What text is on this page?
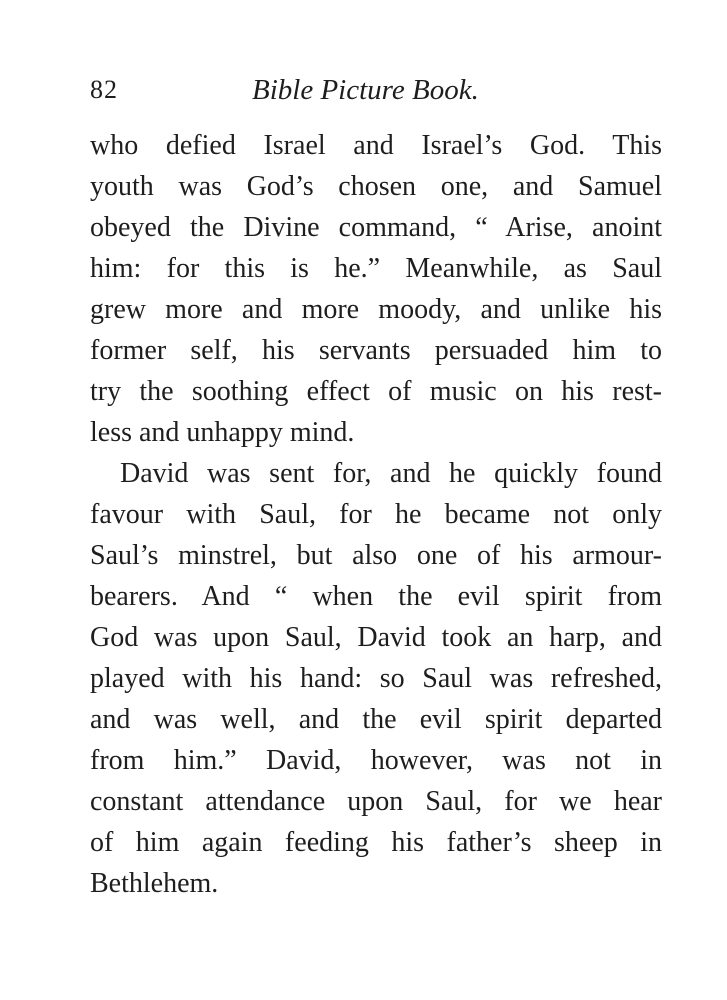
82	Bible Picture Book.
who defied Israel and Israel’s God. This
youth was God’s chosen one, and Samuel
obeyed the Divine command, “ Arise, anoint
him: for this is he.” Meanwhile, as Saul
grew more and more moody, and unlike his
former self, his servants persuaded him to
try the soothing effect of music on his rest-
less and unhappy mind.
David was sent for, and he quickly found
favour with Saul, for he became not only
Saul’s minstrel, but also one of his armour-
bearers. And “ when the evil spirit from
God was upon Saul, David took an harp, and
played with his hand: so Saul was refreshed,
and was well, and the evil spirit departed
from him.” David, however, was not in
constant attendance upon Saul, for we hear
of him again feeding his father’s sheep in
Bethlehem.
